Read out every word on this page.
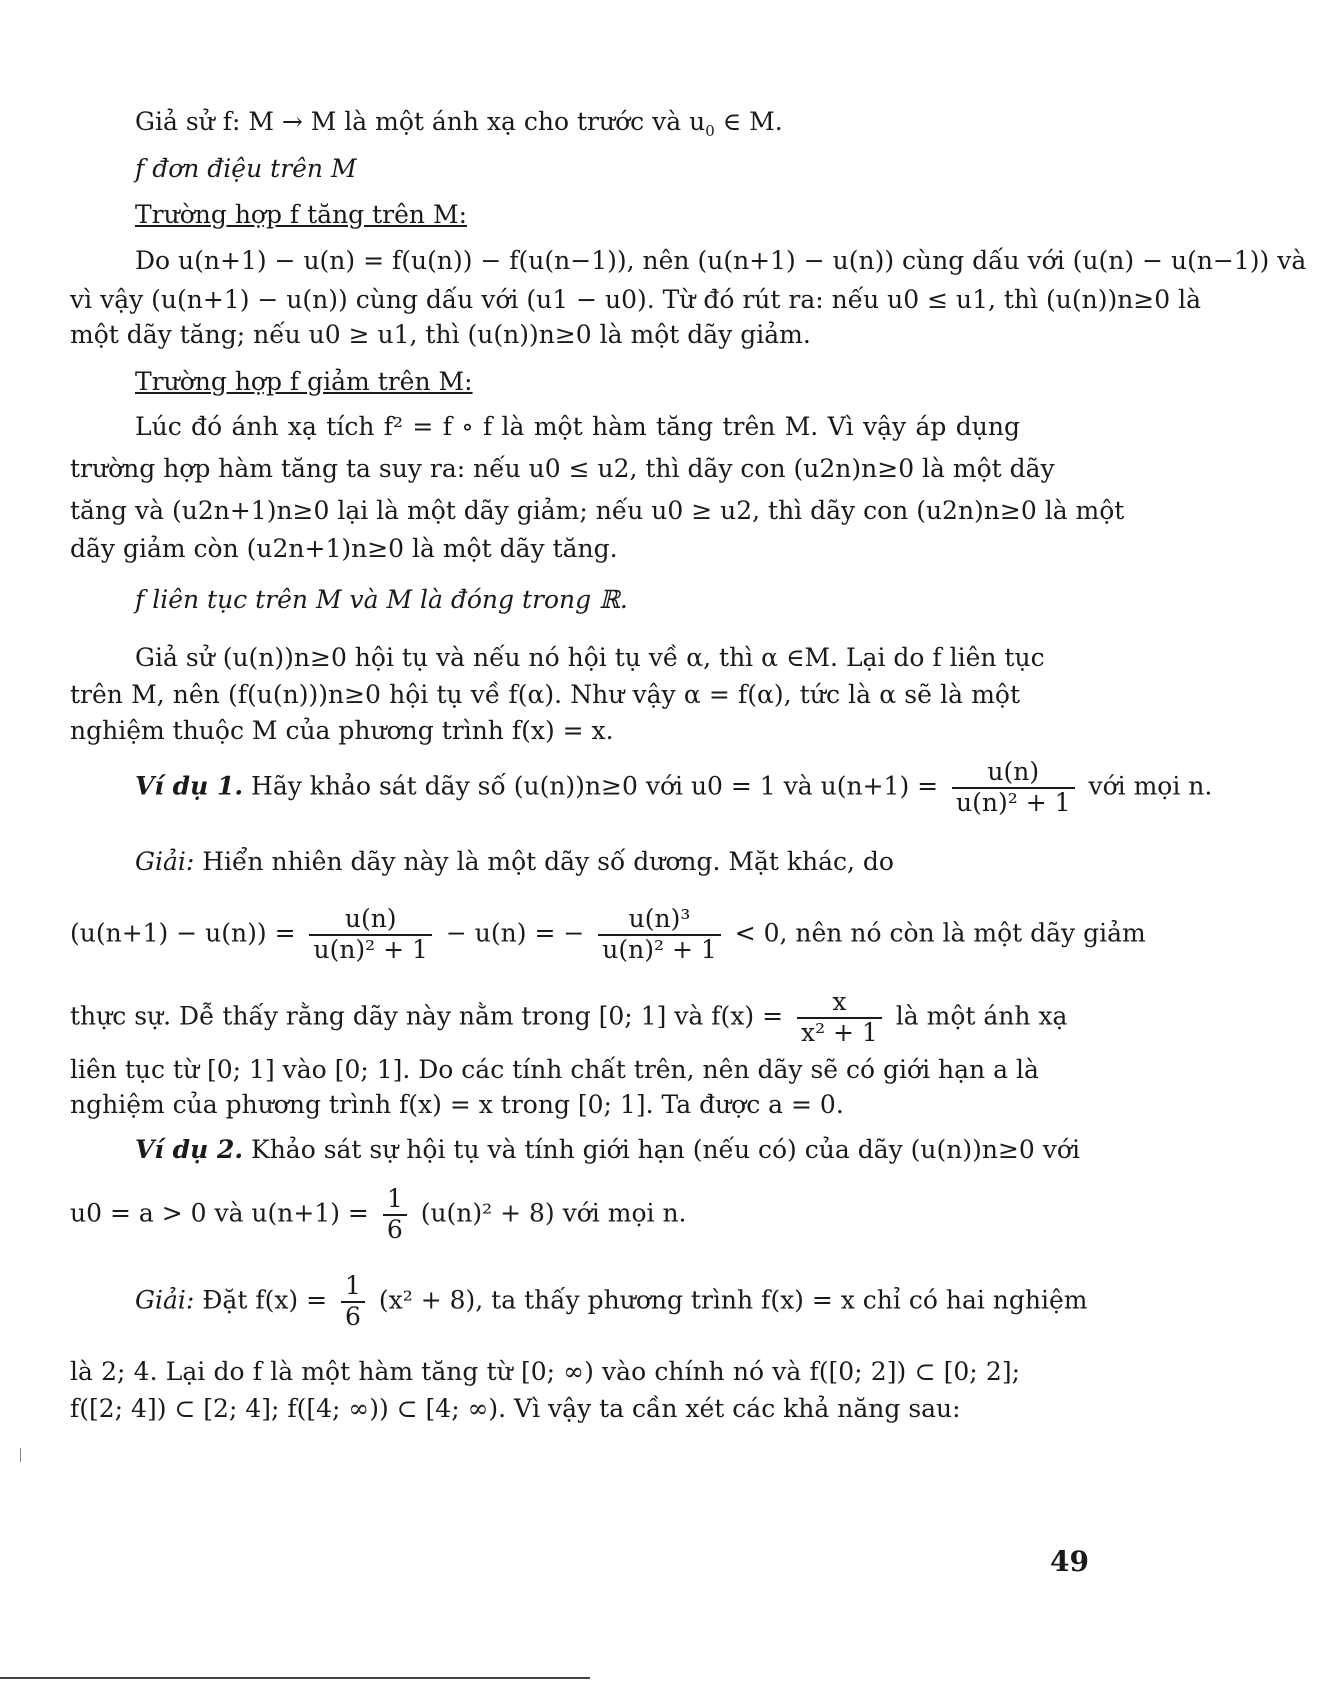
Giả sử f: M → M là một ánh xạ cho trước và $u_0$ ∈ M.
f đơn điệu trên M
Trường hợp f tăng trên M:
Do u(n+1) − u(n) = f(u(n)) − f(u(n−1)), nên (u(n+1) − u(n)) cùng dấu với (u(n) − u(n−1)) và
vì vậy (u(n+1) − u(n)) cùng dấu với (u1 − u0). Từ đó rút ra: nếu u0 ≤ u1, thì (u(n))n≥0 là
một dãy tăng; nếu u0 ≥ u1, thì (u(n))n≥0 là một dãy giảm.
Trường hợp f giảm trên M:
Lúc đó ánh xạ tích f² = f ∘ f là một hàm tăng trên M. Vì vậy áp dụng
trường hợp hàm tăng ta suy ra: nếu u0 ≤ u2, thì dãy con (u2n)n≥0 là một dãy
tăng và (u2n+1)n≥0 lại là một dãy giảm; nếu u0 ≥ u2, thì dãy con (u2n)n≥0 là một
dãy giảm còn (u2n+1)n≥0 là một dãy tăng.
f liên tục trên M và M là đóng trong ℝ.
Giả sử (u(n))n≥0 hội tụ và nếu nó hội tụ về α, thì α ∈M. Lại do f liên tục
trên M, nên (f(u(n)))n≥0 hội tụ về f(α). Như vậy α = f(α), tức là α sẽ là một
nghiệm thuộc M của phương trình f(x) = x.
Ví dụ 1. Hãy khảo sát dãy số (u(n))n≥0 với u0 = 1 và $u(n+1) = \frac{u(n)}{\text{u(n)² + 1}}$ với mọi n.
Giải: Hiển nhiên dãy này là một dãy số dương. Mặt khác, do
$(u(n+1) - u(n)) = \frac{u(n)}{\text{u(n)² + 1}} - u(n)$ = − $\frac{\text{u(n)³}}{\text{u(n)² + 1}} < 0$, nên nó còn là một dãy giảm
thực sự. Dễ thấy rằng dãy này nằm trong [0; 1] và $f(x) = \frac{x}{\text{x² + 1}}$ là một ánh xạ
liên tục từ [0; 1] vào [0; 1]. Do các tính chất trên, nên dãy sẽ có giới hạn a là
nghiệm của phương trình f(x) = x trong [0; 1]. Ta được a = 0.
Ví dụ 2. Khảo sát sự hội tụ và tính giới hạn (nếu có) của dãy (u(n))n≥0 với
u0 = a > 0 và $u(n+1) = \frac{1}{6} (u(n)^2 + 8)$ với mọi n.
Giải: Đặt $f(x) = \frac{1}{6} (x^2 + 8)$, ta thấy phương trình f(x) = x chỉ có hai nghiệm
là 2; 4. Lại do f là một hàm tăng từ [0; ∞) vào chính nó và f([0; 2]) ⊂ [0; 2];
f([2; 4]) ⊂ [2; 4]; f([4; ∞)) ⊂ [4; ∞). Vì vậy ta cần xét các khả năng sau:
49
